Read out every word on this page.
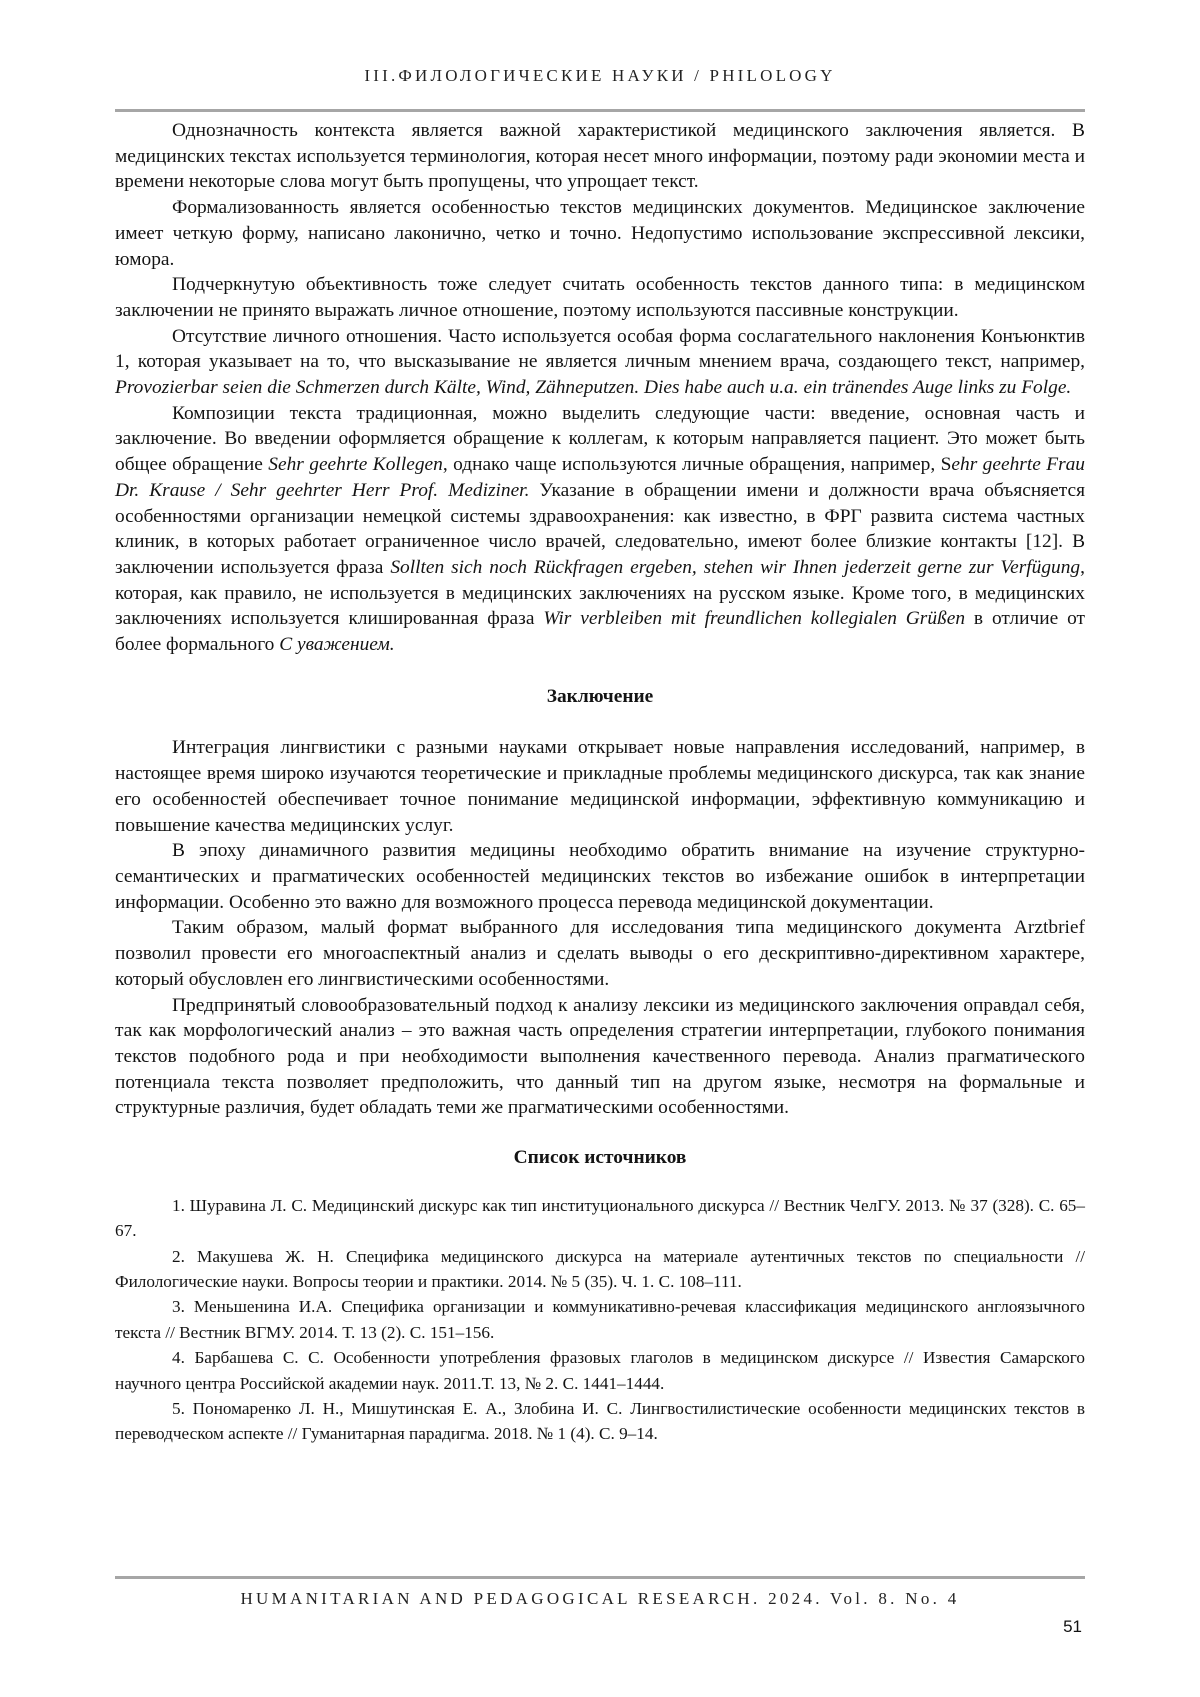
III.ФИЛОЛОГИЧЕСКИЕ НАУКИ / PHILOLOGY

Однозначность контекста является важной характеристикой медицинского заключения является. В медицинских текстах используется терминология, которая несет много информации, поэтому ради экономии места и времени некоторые слова могут быть пропущены, что упрощает текст.

Формализованность является особенностью текстов медицинских документов. Медицинское заключение имеет четкую форму, написано лаконично, четко и точно. Недопустимо использование экспрессивной лексики, юмора.

Подчеркнутую объективность тоже следует считать особенность текстов данного типа: в медицинском заключении не принято выражать личное отношение, поэтому используются пассивные конструкции.

Отсутствие личного отношения. Часто используется особая форма сослагательного наклонения Конъюнктив 1, которая указывает на то, что высказывание не является личным мнением врача, создающего текст, например, Provozierbar seien die Schmerzen durch Kälte, Wind, Zähneputzen. Dies habe auch u.a. ein tränendes Auge links zu Folge.

Композиции текста традиционная, можно выделить следующие части: введение, основная часть и заключение. Во введении оформляется обращение к коллегам, к которым направляется пациент. Это может быть общее обращение Sehr geehrte Kollegen, однако чаще используются личные обращения, например, Sehr geehrte Frau Dr. Krause / Sehr geehrter Herr Prof. Mediziner. Указание в обращении имени и должности врача объясняется особенностями организации немецкой системы здравоохранения: как известно, в ФРГ развита система частных клиник, в которых работает ограниченное число врачей, следовательно, имеют более близкие контакты [12]. В заключении используется фраза Sollten sich noch Rückfragen ergeben, stehen wir Ihnen jederzeit gerne zur Verfügung, которая, как правило, не используется в медицинских заключениях на русском языке. Кроме того, в медицинских заключениях используется клишированная фраза Wir verbleiben mit freundlichen kollegialen Grüßen в отличие от более формального С уважением.

Заключение

Интеграция лингвистики с разными науками открывает новые направления исследований, например, в настоящее время широко изучаются теоретические и прикладные проблемы медицинского дискурса, так как знание его особенностей обеспечивает точное понимание медицинской информации, эффективную коммуникацию и повышение качества медицинских услуг.

В эпоху динамичного развития медицины необходимо обратить внимание на изучение структурно-семантических и прагматических особенностей медицинских текстов во избежание ошибок в интерпретации информации. Особенно это важно для возможного процесса перевода медицинской документации.

Таким образом, малый формат выбранного для исследования типа медицинского документа Arztbrief позволил провести его многоаспектный анализ и сделать выводы о его дескриптивно-директивном характере, который обусловлен его лингвистическими особенностями.

Предпринятый словообразовательный подход к анализу лексики из медицинского заключения оправдал себя, так как морфологический анализ – это важная часть определения стратегии интерпретации, глубокого понимания текстов подобного рода и при необходимости выполнения качественного перевода. Анализ прагматического потенциала текста позволяет предположить, что данный тип на другом языке, несмотря на формальные и структурные различия, будет обладать теми же прагматическими особенностями.

Список источников

1. Шуравина Л. С. Медицинский дискурс как тип институционального дискурса // Вестник ЧелГУ. 2013. № 37 (328). С. 65–67.

2. Макушева Ж. Н. Специфика медицинского дискурса на материале аутентичных текстов по специальности // Филологические науки. Вопросы теории и практики. 2014. № 5 (35). Ч. 1. С. 108–111.

3. Меньшенина И.А. Специфика организации и коммуникативно-речевая классификация медицинского англоязычного текста // Вестник ВГМУ. 2014. Т. 13 (2). С. 151–156.

4. Барбашева С. С. Особенности употребления фразовых глаголов в медицинском дискурсе // Известия Самарского научного центра Российской академии наук. 2011.Т. 13, № 2. С. 1441–1444.

5. Пономаренко Л. Н., Мишутинская Е. А., Злобина И. С. Лингвостилистические особенности медицинских текстов в переводческом аспекте // Гуманитарная парадигма. 2018. № 1 (4). С. 9–14.

HUMANITARIAN AND PEDAGOGICAL RESEARCH. 2024. Vol. 8. No. 4
51
